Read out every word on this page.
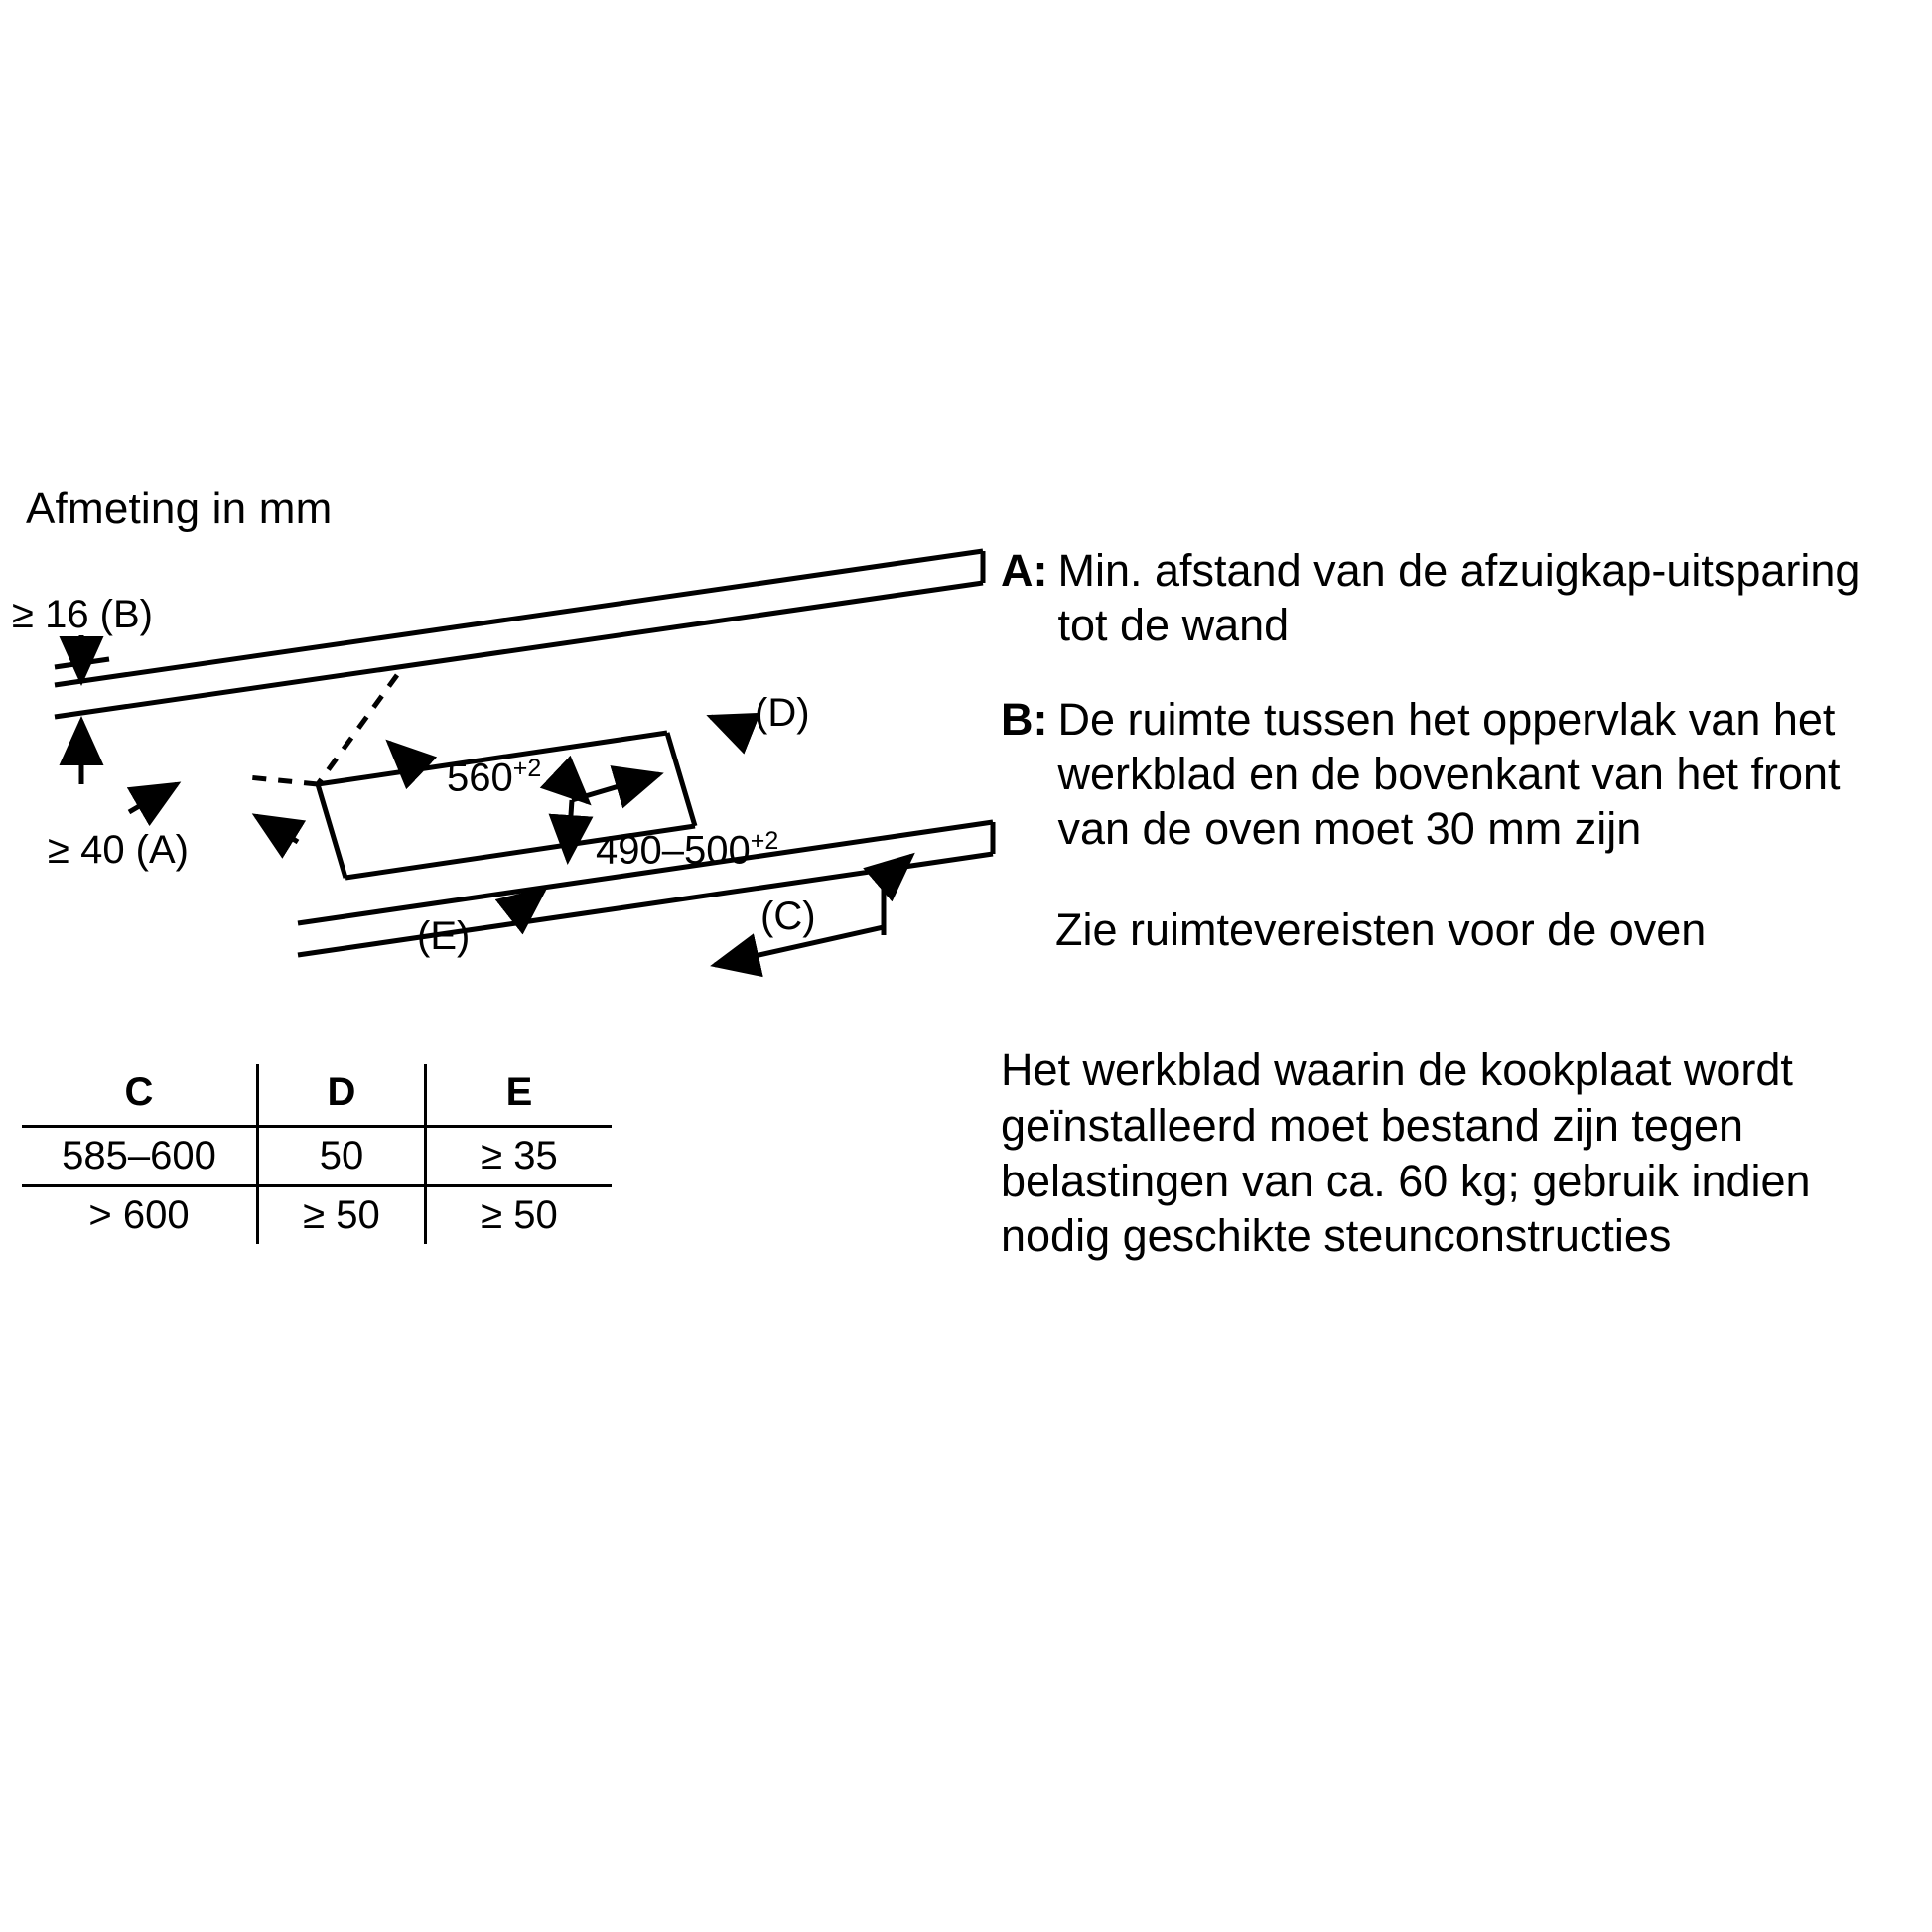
Afmeting in mm
≥ 16 (B)
≥ 40 (A)
$560^{+2}$
$490-500^{+2}$
(D)
(C)
(E)
C	D	E
585–600	50	≥ 35
> 600	≥ 50	≥ 50
A: Min. afstand van de afzuigkap-uitsparing tot de wand
B: De ruimte tussen het oppervlak van het werkblad en de bovenkant van het front van de oven moet 30 mm zijn
Zie ruimtevereisten voor de oven
Het werkblad waarin de kookplaat wordt geïnstalleerd moet bestand zijn tegen belastingen van ca. 60 kg; gebruik indien nodig geschikte steunconstructies
